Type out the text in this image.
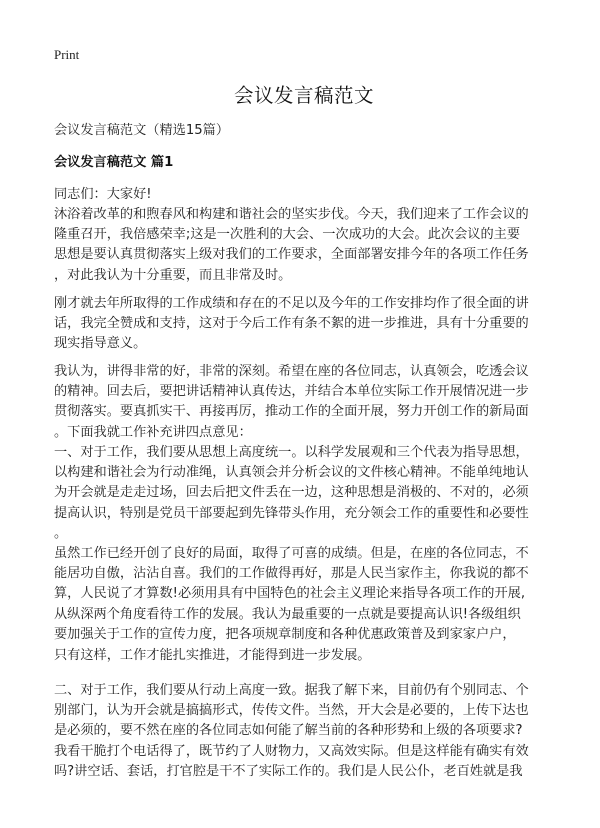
Print
会议发言稿范文
会议发言稿范文（精选15篇）
会议发言稿范文 篇1
同志们：大家好!
沐浴着改革的和煦春风和构建和谐社会的坚实步伐。今天，我们迎来了工作会议的
隆重召开，我倍感荣幸;这是一次胜利的大会、一次成功的大会。此次会议的主要
思想是要认真贯彻落实上级对我们的工作要求，全面部署安排今年的各项工作任务
，对此我认为十分重要，而且非常及时。
刚才就去年所取得的工作成绩和存在的不足以及今年的工作安排均作了很全面的讲
话，我完全赞成和支持，这对于今后工作有条不絮的进一步推进，具有十分重要的
现实指导意义。
我认为，讲得非常的好，非常的深刻。希望在座的各位同志，认真领会，吃透会议
的精神。回去后，要把讲话精神认真传达，并结合本单位实际工作开展情况进一步
贯彻落实。要真抓实干、再接再厉，推动工作的全面开展，努力开创工作的新局面
。下面我就工作补充讲四点意见：
一、对于工作，我们要从思想上高度统一。以科学发展观和三个代表为指导思想，
以构建和谐社会为行动准绳，认真领会并分析会议的文件核心精神。不能单纯地认
为开会就是走走过场，回去后把文件丢在一边，这种思想是消极的、不对的，必须
提高认识，特别是党员干部要起到先锋带头作用，充分领会工作的重要性和必要性
。
虽然工作已经开创了良好的局面，取得了可喜的成绩。但是，在座的各位同志，不
能居功自傲，沾沾自喜。我们的工作做得再好，那是人民当家作主，你我说的都不
算，人民说了才算数!必须用具有中国特色的社会主义理论来指导各项工作的开展,
从纵深两个角度看待工作的发展。我认为最重要的一点就是要提高认识!各级组织
要加强关于工作的宣传力度，把各项规章制度和各种优惠政策普及到家家户户，
只有这样，工作才能扎实推进，才能得到进一步发展。
二、对于工作，我们要从行动上高度一致。据我了解下来，目前仍有个别同志、个
别部门，认为开会就是搞搞形式，传传文件。当然，开大会是必要的，上传下达也
是必须的，要不然在座的各位同志如何能了解当前的各种形势和上级的各项要求?
我看干脆打个电话得了，既节约了人财物力，又高效实际。但是这样能有确实有效
吗?讲空话、套话，打官腔是干不了实际工作的。我们是人民公仆，老百姓就是我
